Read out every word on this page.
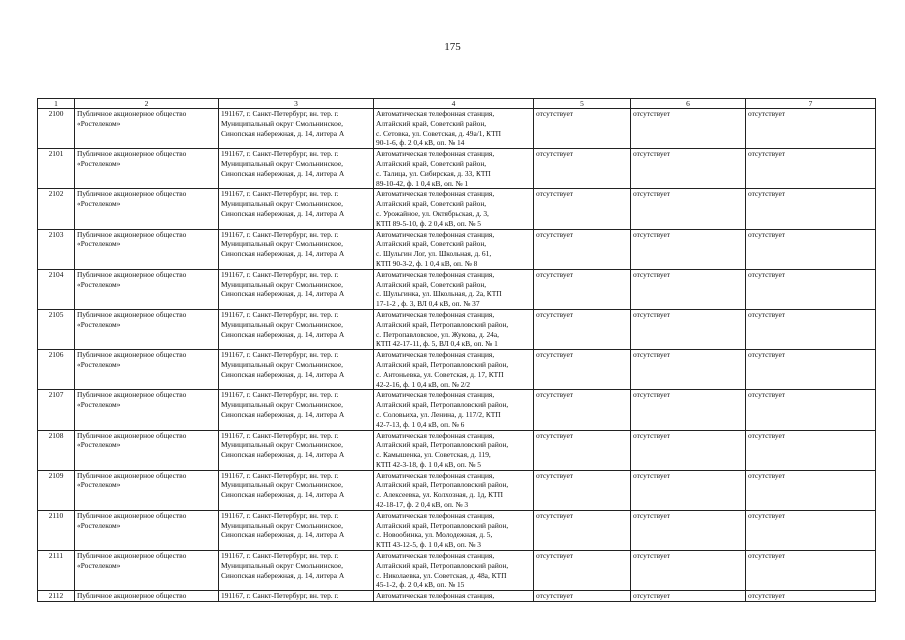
175
1	2	3	4	5	6	7
2100	Публичное акционерное общество
«Ростелеком»	191167, г. Санкт-Петербург, вн. тер. г.
Муниципальный округ Смольнинское,
Синопская набережная, д. 14, литера А	Автоматическая телефонная станция,
Алтайский край, Советский район,
с. Сетовка, ул. Советская, д. 49а/1, КТП
90-1-6, ф. 2 0,4 кВ, оп. № 14	отсутствует	отсутствует	отсутствует
2101	Публичное акционерное общество
«Ростелеком»	191167, г. Санкт-Петербург, вн. тер. г.
Муниципальный округ Смольнинское,
Синопская набережная, д. 14, литера А	Автоматическая телефонная станция,
Алтайский край, Советский район,
с. Талица, ул. Сибирская, д. 33, КТП
89-10-42, ф. 1 0,4 кВ, оп. № 1	отсутствует	отсутствует	отсутствует
2102	Публичное акционерное общество
«Ростелеком»	191167, г. Санкт-Петербург, вн. тер. г.
Муниципальный округ Смольнинское,
Синопская набережная, д. 14, литера А	Автоматическая телефонная станция,
Алтайский край, Советский район,
с. Урожайное, ул. Октябрьская, д. 3,
КТП 89-5-10, ф. 2 0,4 кВ, оп. № 5	отсутствует	отсутствует	отсутствует
2103	Публичное акционерное общество
«Ростелеком»	191167, г. Санкт-Петербург, вн. тер. г.
Муниципальный округ Смольнинское,
Синопская набережная, д. 14, литера А	Автоматическая телефонная станция,
Алтайский край, Советский район,
с. Шульгин Лог, ул. Школьная, д. 61,
КТП 90-3-2, ф. 1 0,4 кВ, оп. № 8	отсутствует	отсутствует	отсутствует
2104	Публичное акционерное общество
«Ростелеком»	191167, г. Санкт-Петербург, вн. тер. г.
Муниципальный округ Смольнинское,
Синопская набережная, д. 14, литера А	Автоматическая телефонная станция,
Алтайский край, Советский район,
с. Шульгинка, ул. Школьная, д. 2а, КТП
17-1-2 , ф. 3, ВЛ 0,4 кВ, оп. № 37	отсутствует	отсутствует	отсутствует
2105	Публичное акционерное общество
«Ростелеком»	191167, г. Санкт-Петербург, вн. тер. г.
Муниципальный округ Смольнинское,
Синопская набережная, д. 14, литера А	Автоматическая телефонная станция,
Алтайский край, Петропавловский район,
с. Петропавловское, ул. Жукова, д. 24а,
КТП 42-17-11, ф. 5, ВЛ 0,4 кВ, оп. № 1	отсутствует	отсутствует	отсутствует
2106	Публичное акционерное общество
«Ростелеком»	191167, г. Санкт-Петербург, вн. тер. г.
Муниципальный округ Смольнинское,
Синопская набережная, д. 14, литера А	Автоматическая телефонная станция,
Алтайский край, Петропавловский район,
с. Антоньевка, ул. Советская, д. 17, КТП
42-2-16, ф. 1 0,4 кВ, оп. № 2/2	отсутствует	отсутствует	отсутствует
2107	Публичное акционерное общество
«Ростелеком»	191167, г. Санкт-Петербург, вн. тер. г.
Муниципальный округ Смольнинское,
Синопская набережная, д. 14, литера А	Автоматическая телефонная станция,
Алтайский край, Петропавловский район,
с. Соловьиха, ул. Ленина, д. 117/2, КТП
42-7-13, ф. 1 0,4 кВ, оп. № 6	отсутствует	отсутствует	отсутствует
2108	Публичное акционерное общество
«Ростелеком»	191167, г. Санкт-Петербург, вн. тер. г.
Муниципальный округ Смольнинское,
Синопская набережная, д. 14, литера А	Автоматическая телефонная станция,
Алтайский край, Петропавловский район,
с. Камышенка, ул. Советская, д. 119,
КТП 42-3-18, ф. 1 0,4 кВ, оп. № 5	отсутствует	отсутствует	отсутствует
2109	Публичное акционерное общество
«Ростелеком»	191167, г. Санкт-Петербург, вн. тер. г.
Муниципальный округ Смольнинское,
Синопская набережная, д. 14, литера А	Автоматическая телефонная станция,
Алтайский край, Петропавловский район,
с. Алексеевка, ул. Колхозная, д. 1д, КТП
42-18-17, ф. 2 0,4 кВ, оп. № 3	отсутствует	отсутствует	отсутствует
2110	Публичное акционерное общество
«Ростелеком»	191167, г. Санкт-Петербург, вн. тер. г.
Муниципальный округ Смольнинское,
Синопская набережная, д. 14, литера А	Автоматическая телефонная станция,
Алтайский край, Петропавловский район,
с. Новообинка, ул. Молодежная, д. 5,
КТП 43-12-5, ф. 1 0,4 кВ, оп. № 3	отсутствует	отсутствует	отсутствует
2111	Публичное акционерное общество
«Ростелеком»	191167, г. Санкт-Петербург, вн. тер. г.
Муниципальный округ Смольнинское,
Синопская набережная, д. 14, литера А	Автоматическая телефонная станция,
Алтайский край, Петропавловский район,
с. Николаевка, ул. Советская, д. 48а, КТП
45-1-2, ф. 2 0,4 кВ, оп. № 15	отсутствует	отсутствует	отсутствует
2112	Публичное акционерное общество	191167, г. Санкт-Петербург, вн. тер. г.	Автоматическая телефонная станция,	отсутствует	отсутствует	отсутствует
